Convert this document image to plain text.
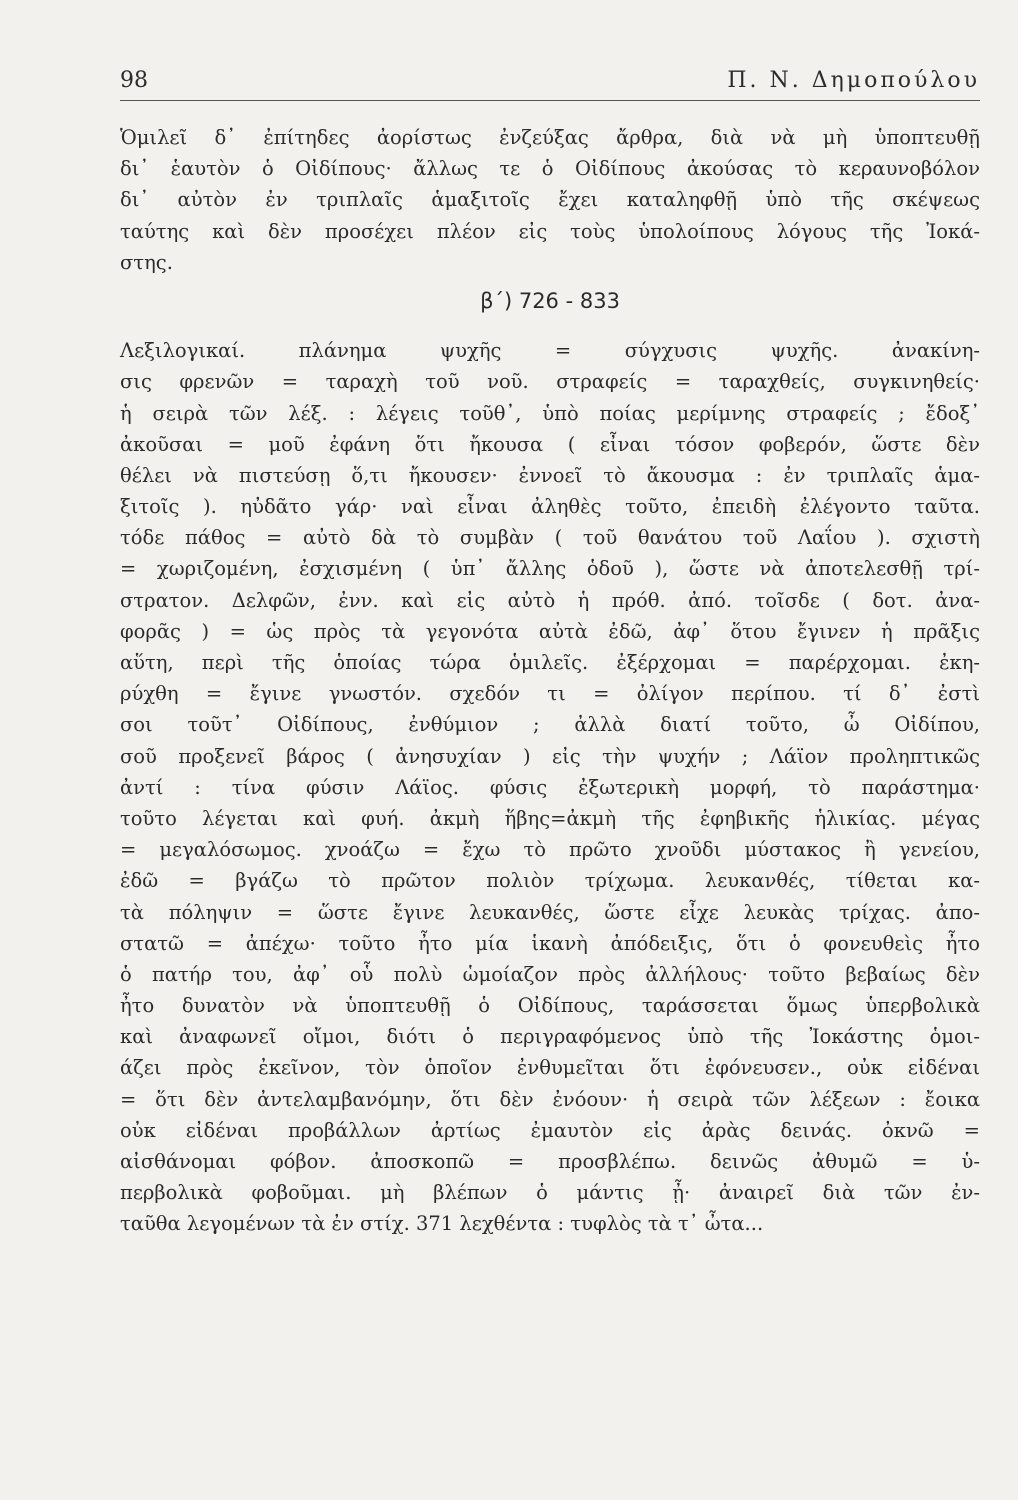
98	Π. Ν. Δημοπούλου

Ὁμιλεῖ δ᾽ ἐπίτηδες ἀορίστως ἐνζεύξας ἄρθρα, διὰ νὰ μὴ ὑποπτευθῇ
δι᾽ ἑαυτὸν ὁ Οἰδίπους· ἄλλως τε ὁ Οἰδίπους ἀκούσας τὸ κεραυνοβόλον
δι᾽ αὐτὸν ἐν τριπλαῖς ἁμαξιτοῖς ἔχει καταληφθῇ ὑπὸ τῆς σκέψεως
ταύτης καὶ δὲν προσέχει πλέον εἰς τοὺς ὑπολοίπους λόγους τῆς Ἰοκά-
στης.

β΄) 726 - 833

Λεξιλογικαί. πλάνημα ψυχῆς = σύγχυσις ψυχῆς. ἀνακίνη-
σις φρενῶν = ταραχὴ τοῦ νοῦ. στραφείς = ταραχθείς, συγκινηθείς·
ἡ σειρὰ τῶν λέξ. : λέγεις τοῦθ᾽, ὑπὸ ποίας μερίμνης στραφείς ; ἔδοξ᾽
ἀκοῦσαι = μοῦ ἐφάνη ὅτι ἤκουσα ( εἶναι τόσον φοβερόν, ὥστε δὲν
θέλει νὰ πιστεύσῃ ὅ,τι ἤκουσεν· ἐννοεῖ τὸ ἄκουσμα : ἐν τριπλαῖς ἁμα-
ξιτοῖς ). ηὐδᾶτο γάρ· ναὶ εἶναι ἀληθὲς τοῦτο, ἐπειδὴ ἐλέγοντο ταῦτα.
τόδε πάθος = αὐτὸ δὰ τὸ συμβὰν ( τοῦ θανάτου τοῦ Λαΐου ). σχιστὴ
= χωριζομένη, ἐσχισμένη ( ὑπ᾽ ἄλλης ὁδοῦ ), ὥστε νὰ ἀποτελεσθῇ τρί-
στρατον. Δελφῶν, ἐνν. καὶ εἰς αὐτὸ ἡ πρόθ. ἀπό. τοῖσδε ( δοτ. ἀνα-
φορᾶς ) = ὡς πρὸς τὰ γεγονότα αὐτὰ ἐδῶ, ἀφ᾽ ὅτου ἔγινεν ἡ πρᾶξις
αὕτη, περὶ τῆς ὁποίας τώρα ὁμιλεῖς. ἐξέρχομαι = παρέρχομαι. ἐκη-
ρύχθη = ἔγινε γνωστόν. σχεδόν τι = ὀλίγον περίπου. τί δ᾽ ἐστὶ
σοι τοῦτ᾽ Οἰδίπους, ἐνθύμιον ; ἀλλὰ διατί τοῦτο, ὦ Οἰδίπου,
σοῦ προξενεῖ βάρος ( ἀνησυχίαν ) εἰς τὴν ψυχήν ; Λάϊον προληπτικῶς
ἀντί : τίνα φύσιν Λάϊος. φύσις ἐξωτερικὴ μορφή, τὸ παράστημα·
τοῦτο λέγεται καὶ φυή. ἀκμὴ ἥβης=ἀκμὴ τῆς ἐφηβικῆς ἡλικίας. μέγας
= μεγαλόσωμος. χνοάζω = ἔχω τὸ πρῶτο χνοῦδι μύστακος ἢ γενείου,
ἐδῶ = βγάζω τὸ πρῶτον πολιὸν τρίχωμα. λευκανθές, τίθεται κα-
τὰ πόληψιν = ὥστε ἔγινε λευκανθές, ὥστε εἶχε λευκὰς τρίχας. ἀπο-
στατῶ = ἀπέχω· τοῦτο ἦτο μία ἱκανὴ ἀπόδειξις, ὅτι ὁ φονευθεὶς ἦτο
ὁ πατήρ του, ἀφ᾽ οὗ πολὺ ὡμοίαζον πρὸς ἀλλήλους· τοῦτο βεβαίως δὲν
ἦτο δυνατὸν νὰ ὑποπτευθῇ ὁ Οἰδίπους, ταράσσεται ὅμως ὑπερβολικὰ
καὶ ἀναφωνεῖ οἴμοι, διότι ὁ περιγραφόμενος ὑπὸ τῆς Ἰοκάστης ὁμοι-
άζει πρὸς ἐκεῖνον, τὸν ὁποῖον ἐνθυμεῖται ὅτι ἐφόνευσεν., οὐκ εἰδέναι
= ὅτι δὲν ἀντελαμβανόμην, ὅτι δὲν ἐνόουν· ἡ σειρὰ τῶν λέξεων : ἔοικα
οὐκ εἰδέναι προβάλλων ἀρτίως ἐμαυτὸν εἰς ἀρὰς δεινάς. ὀκνῶ =
αἰσθάνομαι φόβον. ἀποσκοπῶ = προσβλέπω. δεινῶς ἀθυμῶ = ὑ-
περβολικὰ φοβοῦμαι. μὴ βλέπων ὁ μάντις ᾖ· ἀναιρεῖ διὰ τῶν ἐν-
ταῦθα λεγομένων τὰ ἐν στίχ. 371 λεχθέντα : τυφλὸς τὰ τ᾽ ὦτα...
